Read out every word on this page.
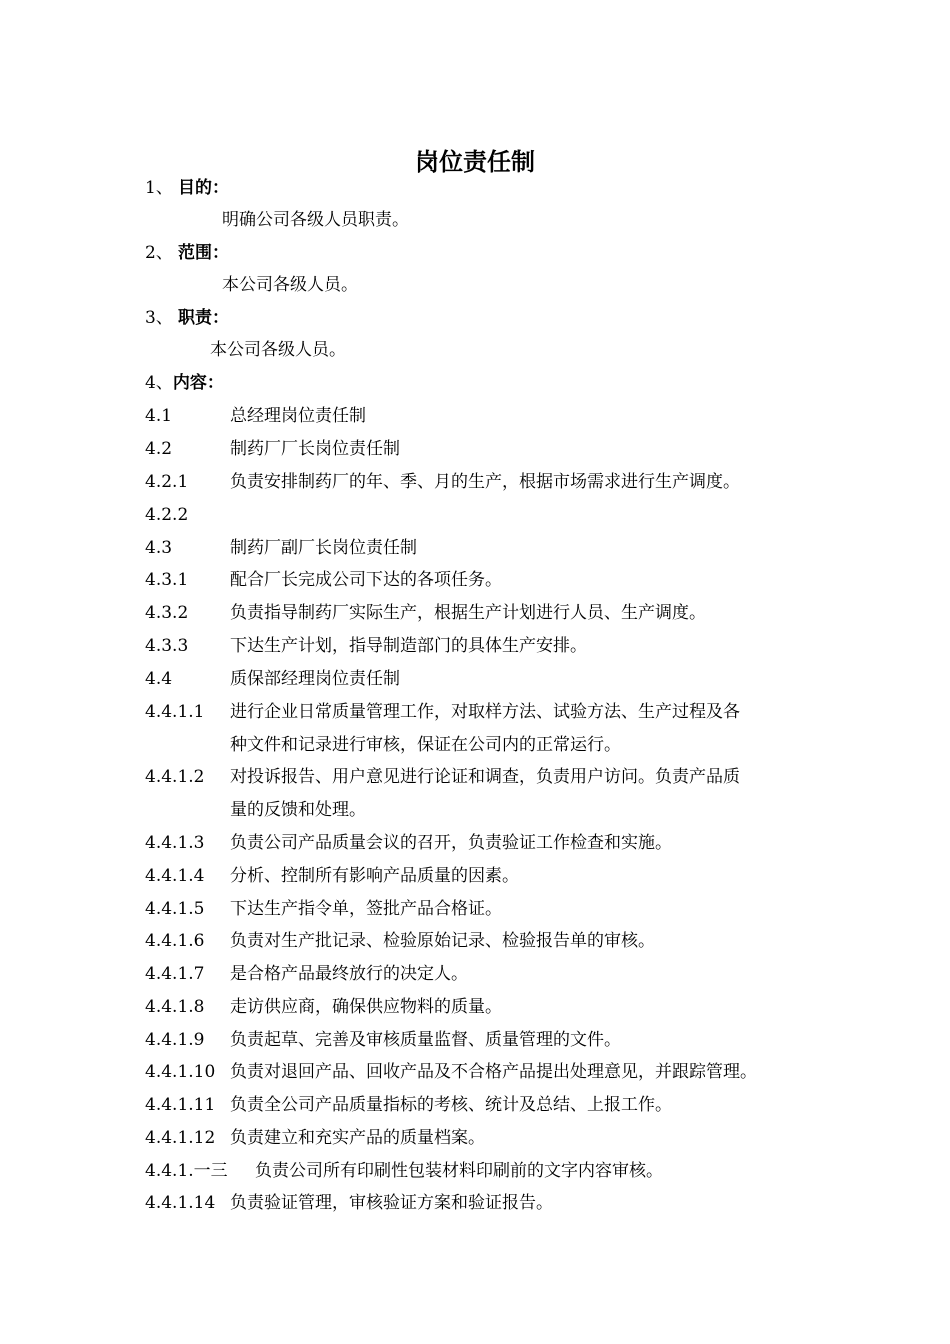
岗位责任制
1、 目的：
明确公司各级人员职责。
2、 范围：
本公司各级人员。
3、 职责：
本公司各级人员。
4、内容：
4.1	总经理岗位责任制
4.2	制药厂厂长岗位责任制
4.2.1 负责安排制药厂的年、季、月的生产，根据市场需求进行生产调度。
4.2.2
4.3	制药厂副厂长岗位责任制
4.3.1 配合厂长完成公司下达的各项任务。
4.3.2 负责指导制药厂实际生产，根据生产计划进行人员、生产调度。
4.3.3 下达生产计划，指导制造部门的具体生产安排。
4.4	质保部经理岗位责任制
4.4.1.1 进行企业日常质量管理工作，对取样方法、试验方法、生产过程及各
种文件和记录进行审核，保证在公司内的正常运行。
4.4.1.2 对投诉报告、用户意见进行论证和调查，负责用户访问。负责产品质
量的反馈和处理。
4.4.1.3 负责公司产品质量会议的召开，负责验证工作检查和实施。
4.4.1.4 分析、控制所有影响产品质量的因素。
4.4.1.5 下达生产指令单，签批产品合格证。
4.4.1.6 负责对生产批记录、检验原始记录、检验报告单的审核。
4.4.1.7 是合格产品最终放行的决定人。
4.4.1.8 走访供应商，确保供应物料的质量。
4.4.1.9 负责起草、完善及审核质量监督、质量管理的文件。
4.4.1.10 负责对退回产品、回收产品及不合格产品提出处理意见，并跟踪管理。
4.4.1.11 负责全公司产品质量指标的考核、统计及总结、上报工作。
4.4.1.12 负责建立和充实产品的质量档案。
4.4.1.一三 负责公司所有印刷性包装材料印刷前的文字内容审核。
4.4.1.14 负责验证管理，审核验证方案和验证报告。
